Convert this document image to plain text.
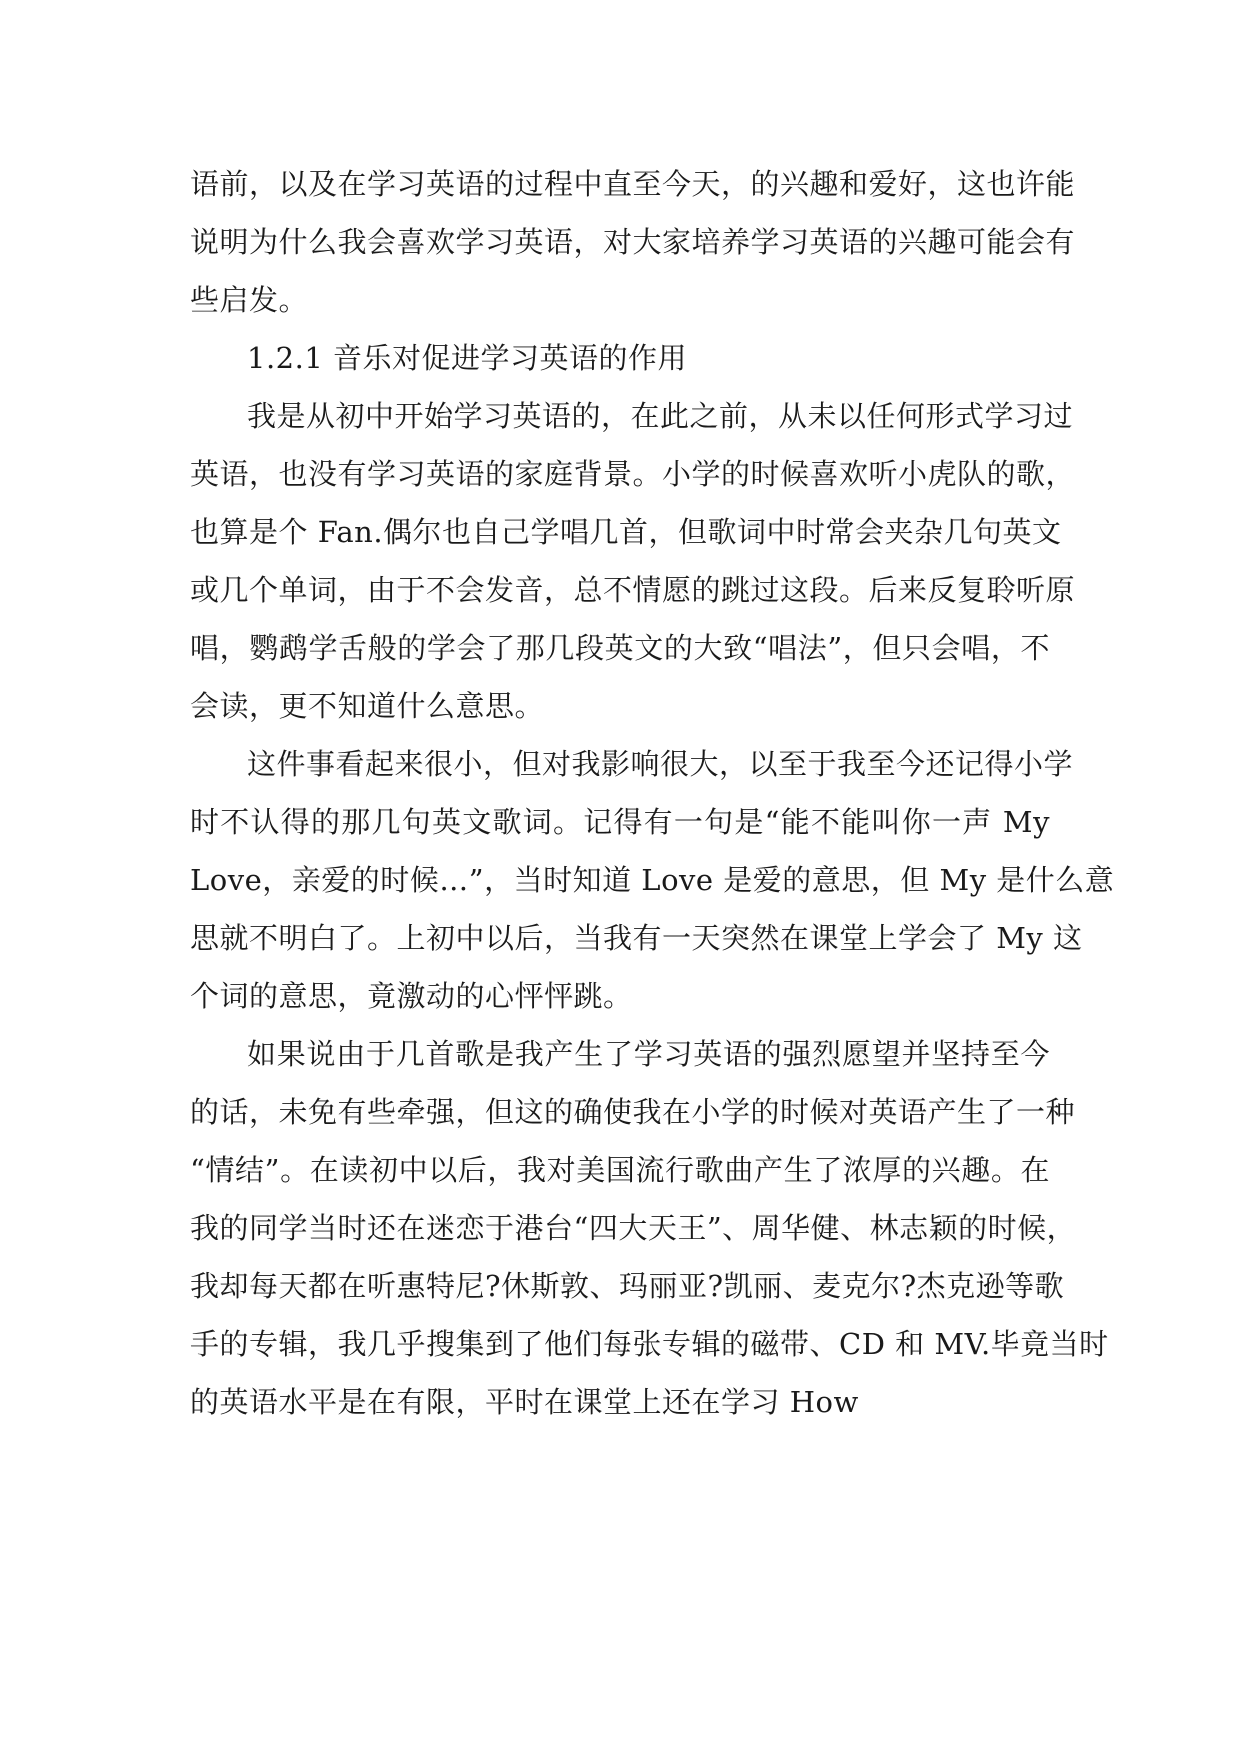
语前，以及在学习英语的过程中直至今天，的兴趣和爱好，这也许能
说明为什么我会喜欢学习英语，对大家培养学习英语的兴趣可能会有
些启发。
1.2.1 音乐对促进学习英语的作用
我是从初中开始学习英语的，在此之前，从未以任何形式学习过
英语，也没有学习英语的家庭背景。小学的时候喜欢听小虎队的歌，
也算是个 Fan.偶尔也自己学唱几首，但歌词中时常会夹杂几句英文
或几个单词，由于不会发音，总不情愿的跳过这段。后来反复聆听原
唱，鹦鹉学舌般的学会了那几段英文的大致“唱法”，但只会唱，不
会读，更不知道什么意思。
这件事看起来很小，但对我影响很大，以至于我至今还记得小学
时不认得的那几句英文歌词。记得有一句是“能不能叫你一声 My
Love，亲爱的时候…”，当时知道 Love 是爱的意思，但 My 是什么意
思就不明白了。上初中以后，当我有一天突然在课堂上学会了 My 这
个词的意思，竟激动的心怦怦跳。
如果说由于几首歌是我产生了学习英语的强烈愿望并坚持至今
的话，未免有些牵强，但这的确使我在小学的时候对英语产生了一种
“情结”。在读初中以后，我对美国流行歌曲产生了浓厚的兴趣。在
我的同学当时还在迷恋于港台“四大天王”、周华健、林志颖的时候，
我却每天都在听惠特尼?休斯敦、玛丽亚?凯丽、麦克尔?杰克逊等歌
手的专辑，我几乎搜集到了他们每张专辑的磁带、CD 和 MV.毕竟当时
的英语水平是在有限，平时在课堂上还在学习 How
